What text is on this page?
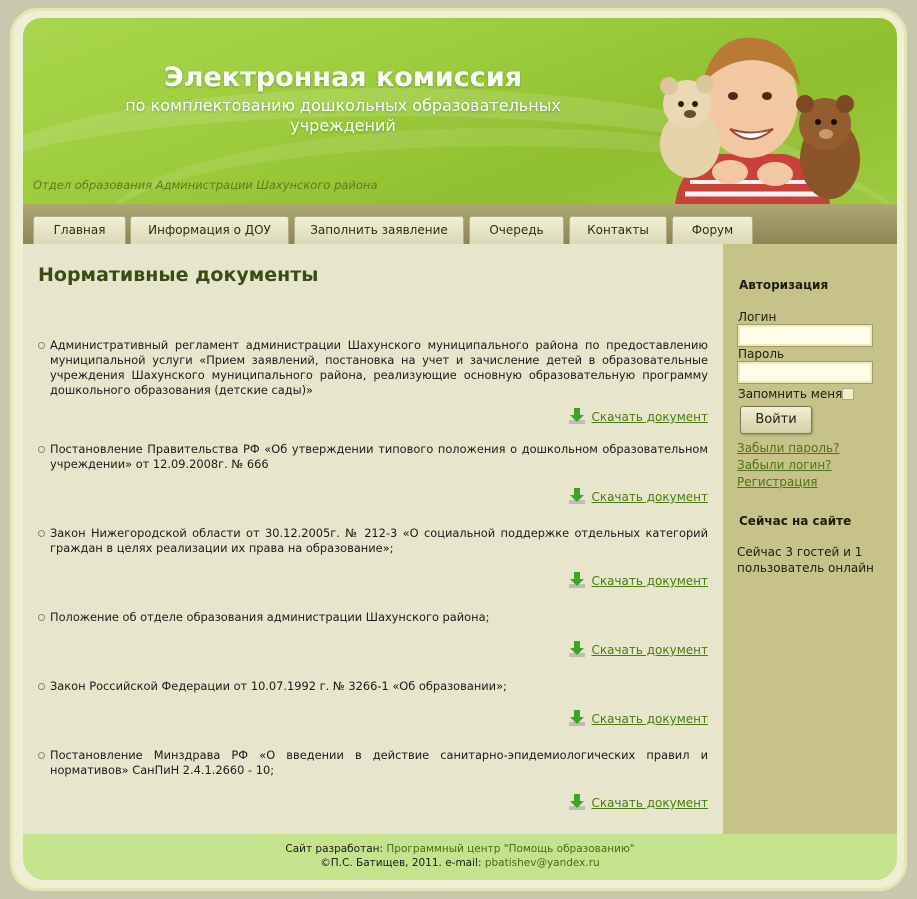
Электронная комиссия
по комплектованию дошкольных образовательных учреждений
Отдел образования Администрации Шахунского района
Главная	Информация о ДОУ	Заполнить заявление	Очередь	Контакты	Форум
Нормативные документы
Административный регламент администрации Шахунского муниципального района по предоставлению муниципальной услуги «Прием заявлений, постановка на учет и зачисление детей в образовательные учреждения Шахунского муниципального района, реализующие основную образовательную программу дошкольного образования (детские сады)»
Скачать документ
Постановление Правительства РФ «Об утверждении типового положения о дошкольном образовательном учреждении» от 12.09.2008г. № 666
Скачать документ
Закон Нижегородской области от 30.12.2005г. № 212-3 «О социальной поддержке отдельных категорий граждан в целях реализации их права на образование»;
Скачать документ
Положение об отделе образования администрации Шахунского района;
Скачать документ
Закон Российской Федерации от 10.07.1992 г. № 3266-1 «Об образовании»;
Скачать документ
Постановление Минздрава РФ «О введении в действие санитарно-эпидемиологических правил и нормативов» СанПиН 2.4.1.2660 - 10;
Скачать документ
Авторизация
Логин
Пароль
Запомнить меня
Войти
Забыли пароль?
Забыли логин?
Регистрация
Сейчас на сайте
Сейчас 3 гостей и 1 пользователь онлайн
Сайт разработан: Программный центр "Помощь образованию"
©П.С. Батищев, 2011. e-mail: pbatishev@yandex.ru
